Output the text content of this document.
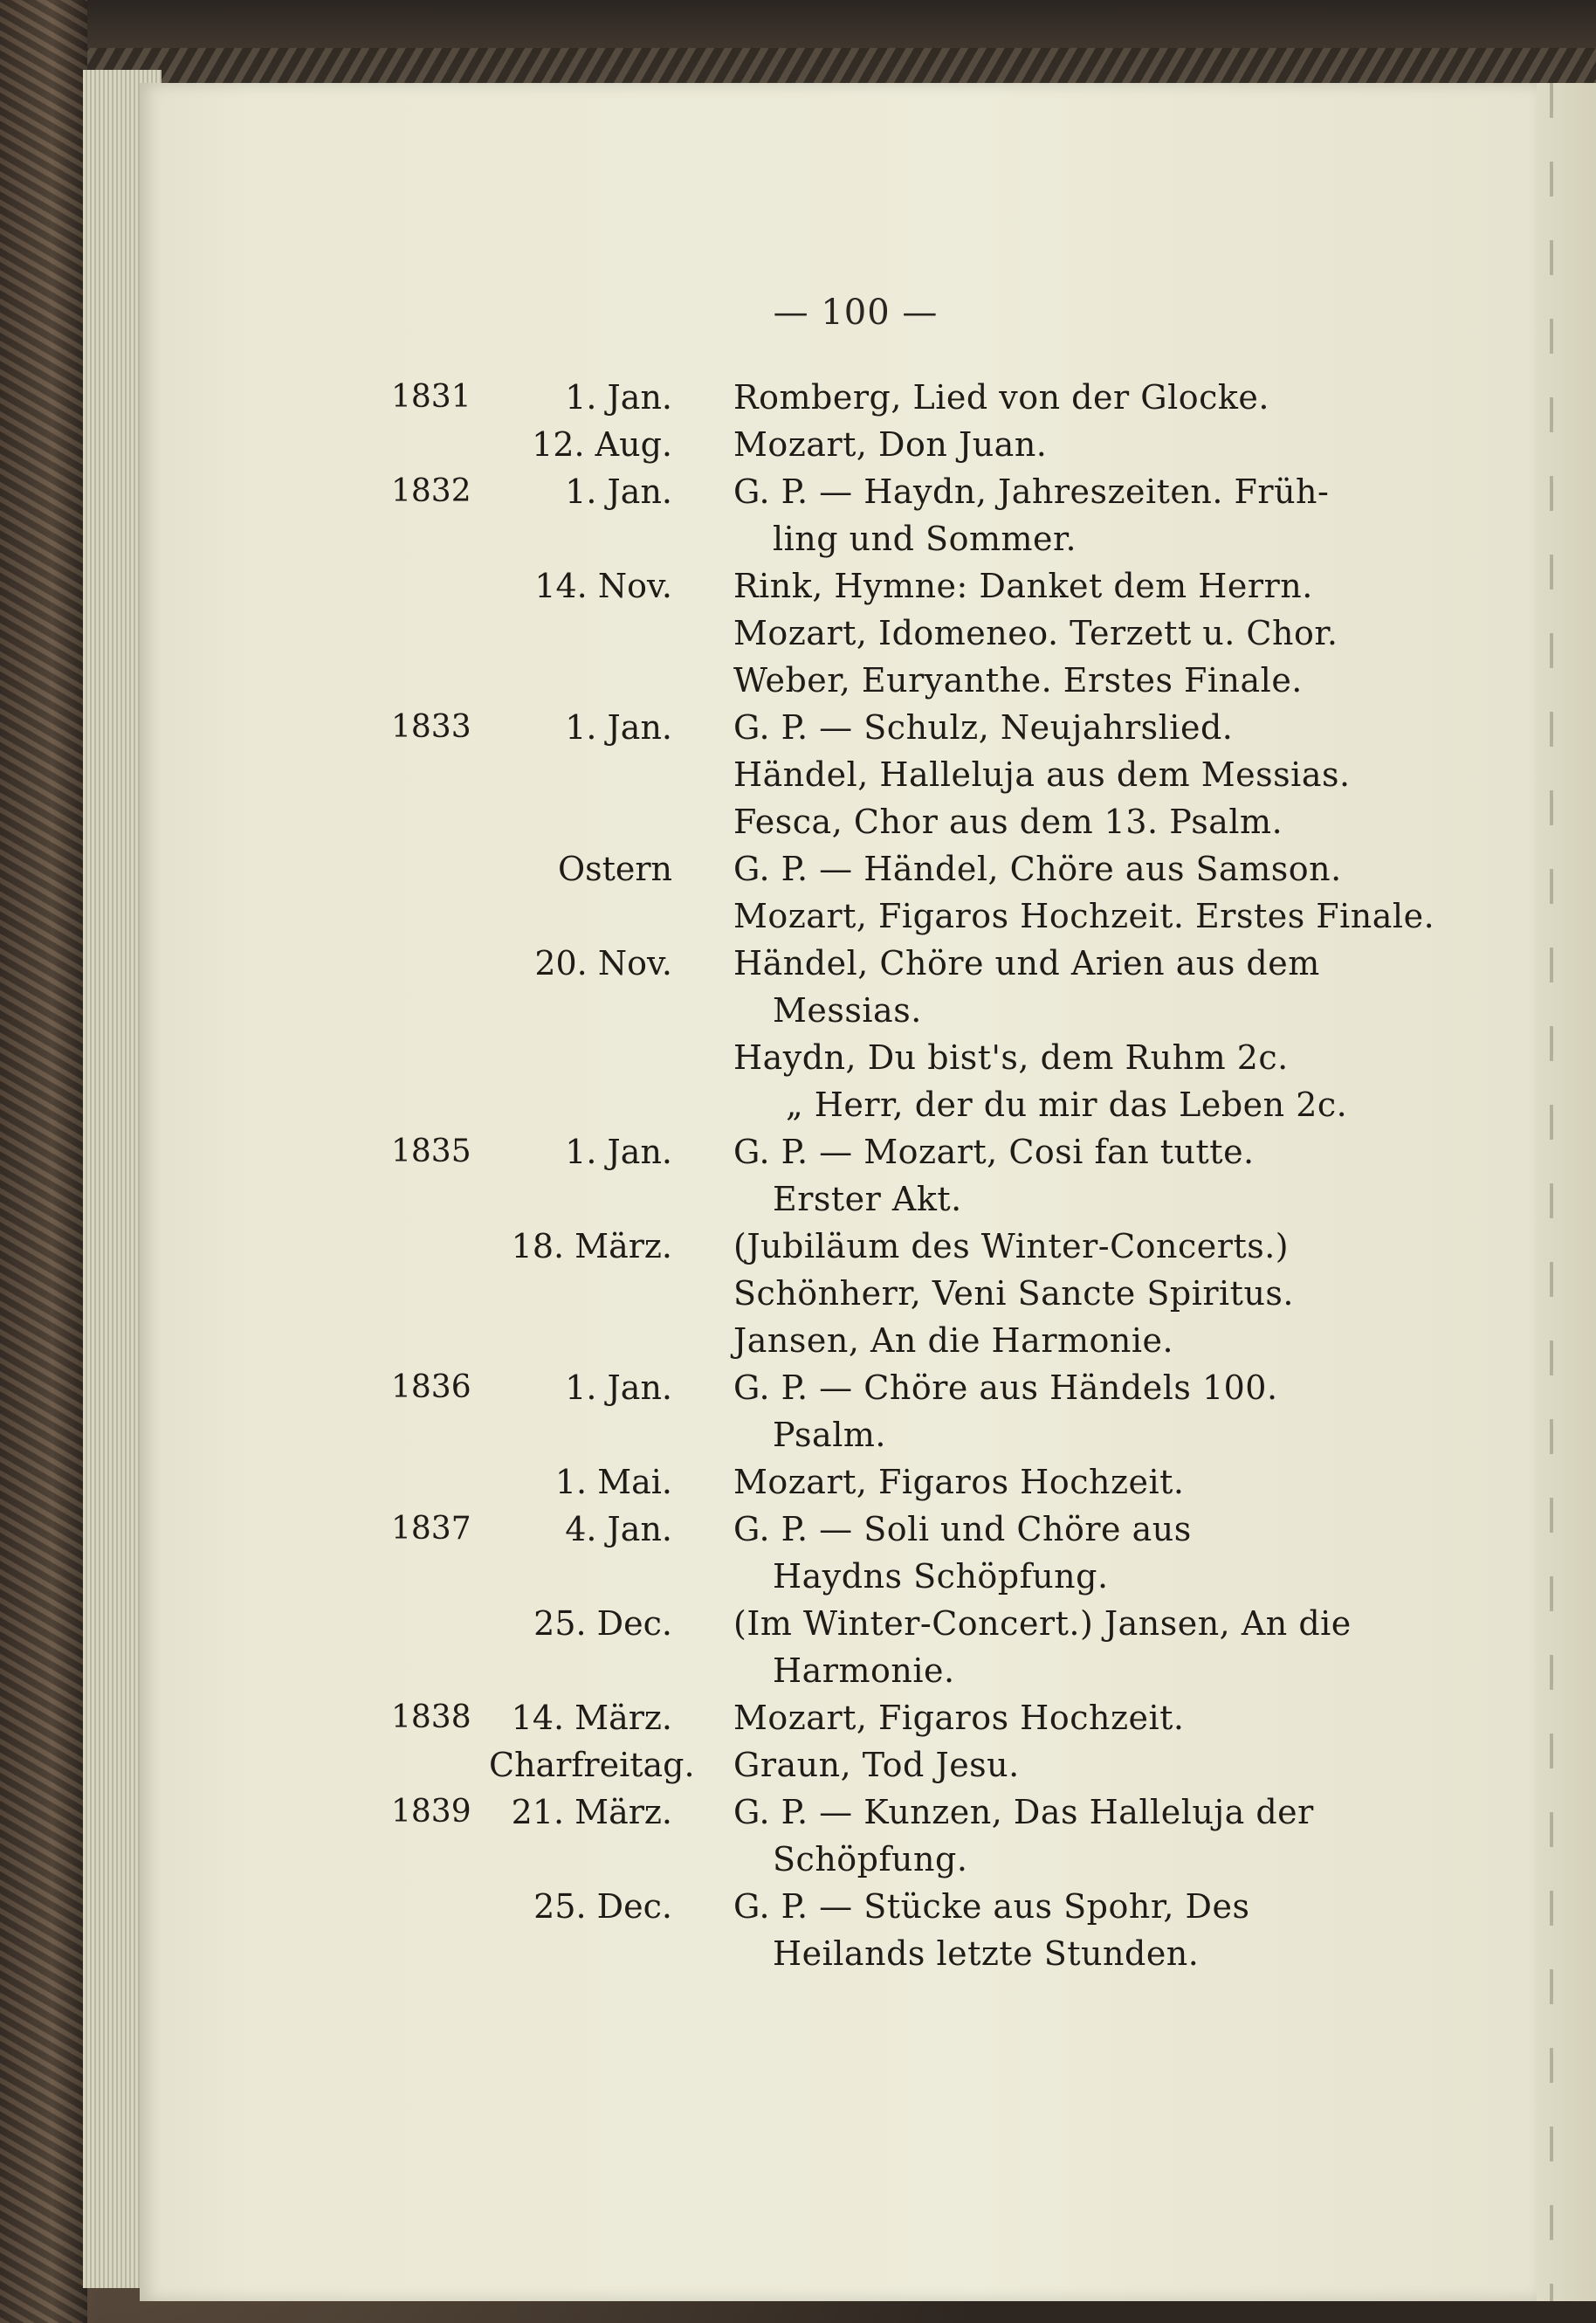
— 100 —
1831	1. Jan. Romberg, Lied von der Glocke.
12. Aug. Mozart, Don Juan.
1832	1. Jan. G. P. — Haydn, Jahreszeiten. Früh-
ling und Sommer.
14. Nov. Rink, Hymne: Danket dem Herrn.
Mozart, Idomeneo. Terzett u. Chor.
Weber, Euryanthe. Erstes Finale.
1833	1. Jan. G. P. — Schulz, Neujahrslied.
Händel, Halleluja aus dem Messias.
Fesca, Chor aus dem 13. Psalm.
Ostern G. P. — Händel, Chöre aus Samson.
Mozart, Figaros Hochzeit. Erstes Finale.
20. Nov. Händel, Chöre und Arien aus dem
Messias.
Haydn, Du bist's, dem Ruhm 2c.
„ Herr, der du mir das Leben 2c.
1835	1. Jan. G. P. — Mozart, Cosi fan tutte.
Erster Akt.
18. März. (Jubiläum des Winter-Concerts.)
Schönherr, Veni Sancte Spiritus.
Jansen, An die Harmonie.
1836	1. Jan. G. P. — Chöre aus Händels 100.
Psalm.
1. Mai. Mozart, Figaros Hochzeit.
1837	4. Jan. G. P. — Soli und Chöre aus
Haydns Schöpfung.
25. Dec. (Im Winter-Concert.) Jansen, An die
Harmonie.
1838	14. März. Mozart, Figaros Hochzeit.
Charfreitag. Graun, Tod Jesu.
1839	21. März. G. P. — Kunzen, Das Halleluja der
Schöpfung.
25. Dec. G. P. — Stücke aus Spohr, Des
Heilands letzte Stunden.
